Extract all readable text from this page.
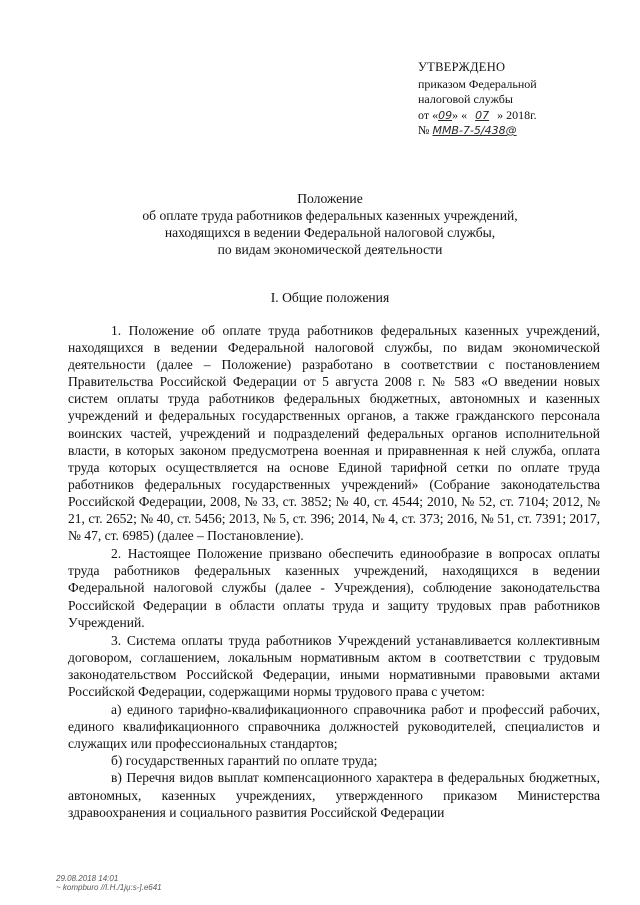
УТВЕРЖДЕНО
приказом Федеральной
налоговой службы
от «09» « 07 » 2018г.
№ ММВ-7-5/438@
Положение
об оплате труда работников федеральных казенных учреждений,
находящихся в ведении Федеральной налоговой службы,
по видам экономической деятельности
I. Общие положения

1. Положение об оплате труда работников федеральных казенных учреждений, находящихся в ведении Федеральной налоговой службы, по видам экономической деятельности (далее – Положение) разработано в соответствии с постановлением Правительства Российской Федерации от 5 августа 2008 г. № 583 «О введении новых систем оплаты труда работников федеральных бюджетных, автономных и казенных учреждений и федеральных государственных органов, а также гражданского персонала воинских частей, учреждений и подразделений федеральных органов исполнительной власти, в которых законом предусмотрена военная и приравненная к ней служба, оплата труда которых осуществляется на основе Единой тарифной сетки по оплате труда работников федеральных государственных учреждений» (Собрание законодательства Российской Федерации, 2008, № 33, ст. 3852; № 40, ст. 4544; 2010, № 52, ст. 7104; 2012, № 21, ст. 2652; № 40, ст. 5456; 2013, № 5, ст. 396; 2014, № 4, ст. 373; 2016, № 51, ст. 7391; 2017, № 47, ст. 6985) (далее – Постановление).

2. Настоящее Положение призвано обеспечить единообразие в вопросах оплаты труда работников федеральных казенных учреждений, находящихся в ведении Федеральной налоговой службы (далее - Учреждения), соблюдение законодательства Российской Федерации в области оплаты труда и защиту трудовых прав работников Учреждений.

3. Система оплаты труда работников Учреждений устанавливается коллективным договором, соглашением, локальным нормативным актом в соответствии с трудовым законодательством Российской Федерации, иными нормативными правовыми актами Российской Федерации, содержащими нормы трудового права с учетом:

а) единого тарифно-квалификационного справочника работ и профессий рабочих, единого квалификационного справочника должностей руководителей, специалистов и служащих или профессиональных стандартов;

б) государственных гарантий по оплате труда;

в) Перечня видов выплат компенсационного характера в федеральных бюджетных, автономных, казенных учреждениях, утвержденного приказом Министерства здравоохранения и социального развития Российской Федерации

29.08.2018 14:01
~ kompburo //I.H./1јџ:ѕ-].e641
